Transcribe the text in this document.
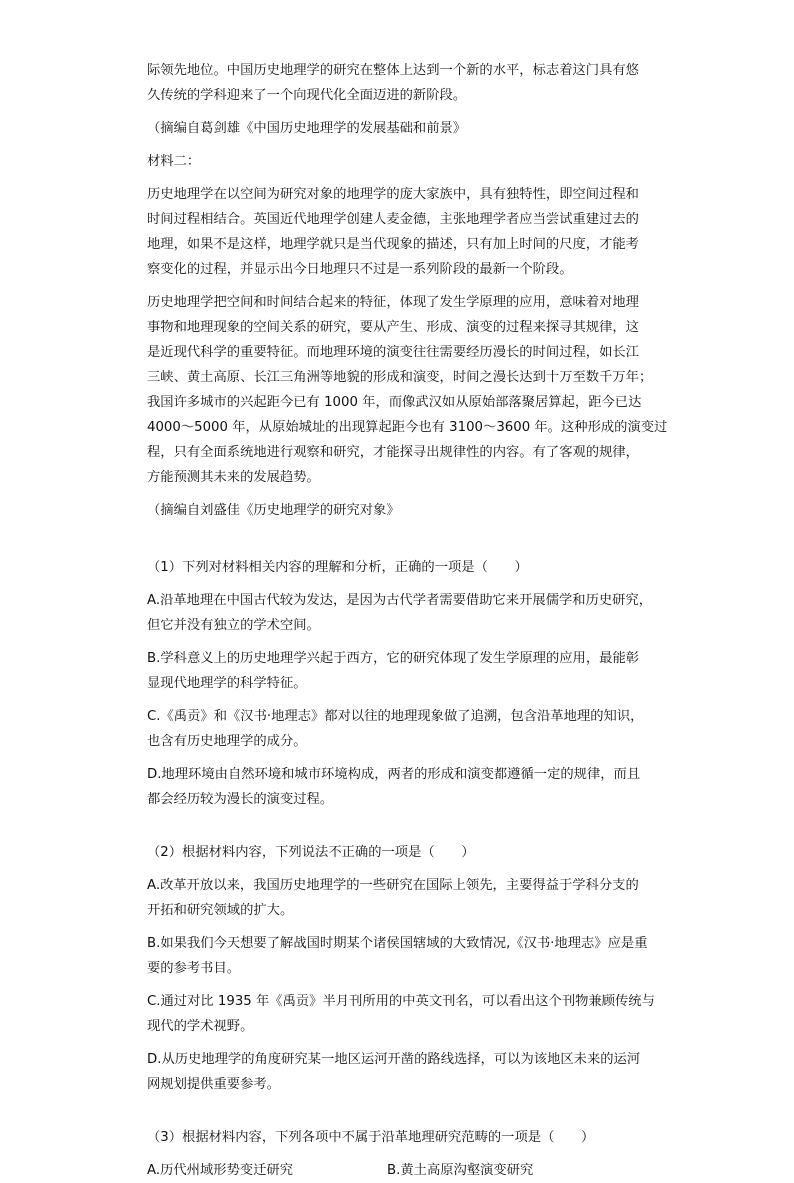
际领先地位。中国历史地理学的研究在整体上达到一个新的水平，标志着这门具有悠
久传统的学科迎来了一个向现代化全面迈进的新阶段。

（摘编自葛剑雄《中国历史地理学的发展基础和前景》

材料二：

历史地理学在以空间为研究对象的地理学的庞大家族中，具有独特性，即空间过程和
时间过程相结合。英国近代地理学创建人麦金德，主张地理学者应当尝试重建过去的
地理，如果不是这样，地理学就只是当代现象的描述，只有加上时间的尺度，才能考
察变化的过程，并显示出今日地理只不过是一系列阶段的最新一个阶段。

历史地理学把空间和时间结合起来的特征，体现了发生学原理的应用，意味着对地理
事物和地理现象的空间关系的研究，要从产生、形成、演变的过程来探寻其规律，这
是近现代科学的重要特征。而地理环境的演变往往需要经历漫长的时间过程，如长江
三峡、黄土高原、长江三角洲等地貌的形成和演变，时间之漫长达到十万至数千万年；
我国许多城市的兴起距今已有 1000 年，而像武汉如从原始部落聚居算起，距今已达
4000～5000 年，从原始城址的出现算起距今也有 3100～3600 年。这种形成的演变过
程，只有全面系统地进行观察和研究，才能探寻出规律性的内容。有了客观的规律，
方能预测其未来的发展趋势。

（摘编自刘盛佳《历史地理学的研究对象》

（1）下列对材料相关内容的理解和分析，正确的一项是（　　）

A.沿革地理在中国古代较为发达，是因为古代学者需要借助它来开展儒学和历史研究，
但它并没有独立的学术空间。

B.学科意义上的历史地理学兴起于西方，它的研究体现了发生学原理的应用，最能彰
显现代地理学的科学特征。

C.《禹贡》和《汉书·地理志》都对以往的地理现象做了追溯，包含沿革地理的知识，
也含有历史地理学的成分。

D.地理环境由自然环境和城市环境构成，两者的形成和演变都遵循一定的规律，而且
都会经历较为漫长的演变过程。

（2）根据材料内容，下列说法不正确的一项是（　　）

A.改革开放以来，我国历史地理学的一些研究在国际上领先，主要得益于学科分支的
开拓和研究领域的扩大。

B.如果我们今天想要了解战国时期某个诸侯国辖域的大致情况,《汉书·地理志》应是重
要的参考书目。

C.通过对比 1935 年《禹贡》半月刊所用的中英文刊名，可以看出这个刊物兼顾传统与
现代的学术视野。

D.从历史地理学的角度研究某一地区运河开凿的路线选择，可以为该地区未来的运河
网规划提供重要参考。

（3）根据材料内容，下列各项中不属于沿革地理研究范畴的一项是（　　）

A.历代州域形势变迁研究	B.黄土高原沟壑演变研究
